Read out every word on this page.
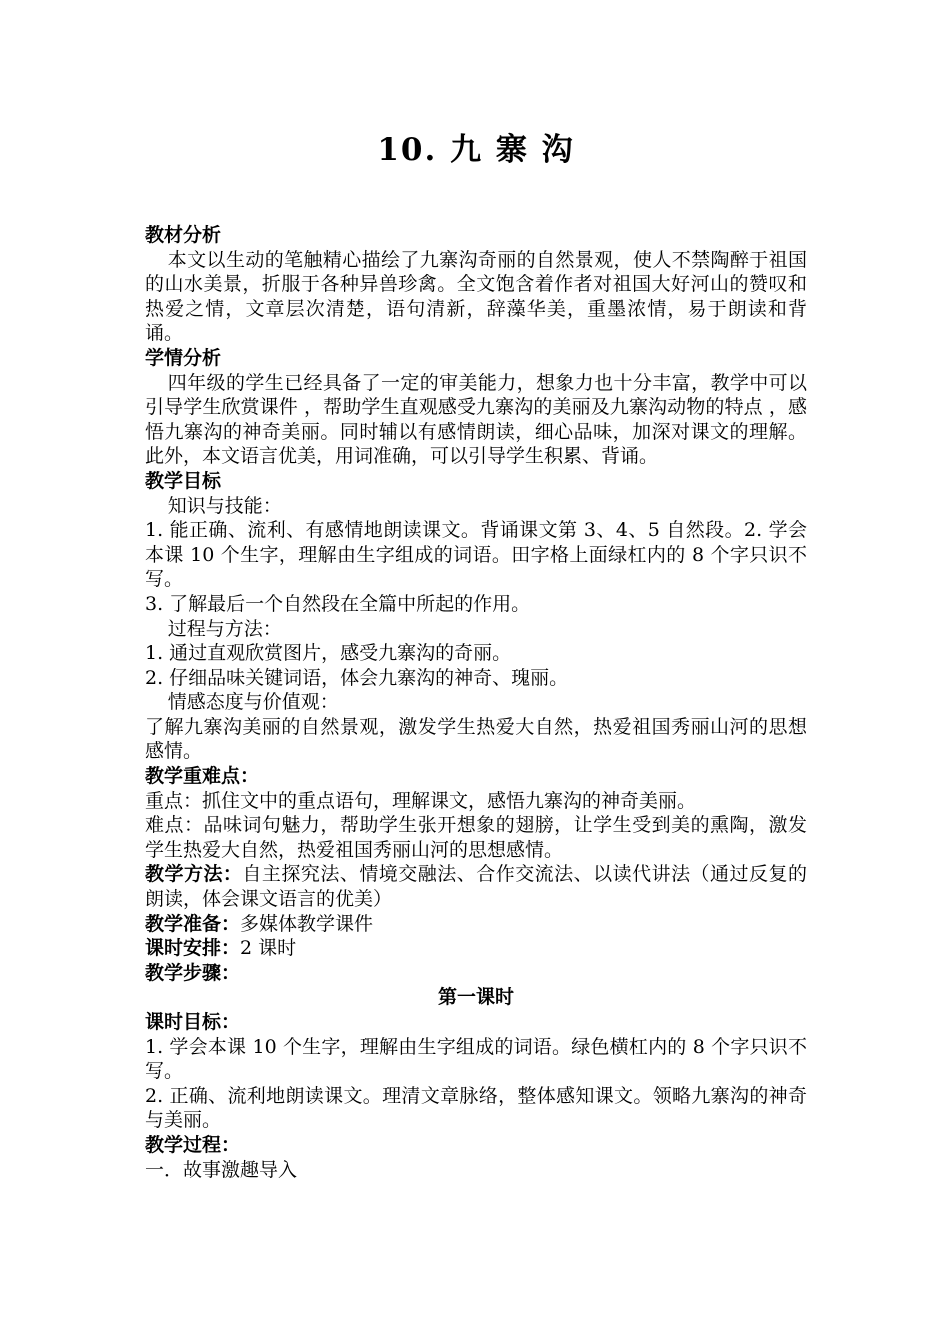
10. 九 寨 沟

教材分析

本文以生动的笔触精心描绘了九寨沟奇丽的自然景观，使人不禁陶醉于祖国的山水美景，折服于各种异兽珍禽。全文饱含着作者对祖国大好河山的赞叹和热爱之情，文章层次清楚，语句清新，辞藻华美，重墨浓情，易于朗读和背诵。

学情分析

四年级的学生已经具备了一定的审美能力，想象力也十分丰富，教学中可以引导学生欣赏课件 ，帮助学生直观感受九寨沟的美丽及九寨沟动物的特点 ，感悟九寨沟的神奇美丽。同时辅以有感情朗读，细心品味，加深对课文的理解。此外，本文语言优美，用词准确，可以引导学生积累、背诵。

教学目标

知识与技能：

1. 能正确、流利、有感情地朗读课文。背诵课文第 3、4、5 自然段。2. 学会本课 10 个生字，理解由生字组成的词语。田字格上面绿杠内的 8 个字只识不写。

3. 了解最后一个自然段在全篇中所起的作用。

过程与方法：

1. 通过直观欣赏图片，感受九寨沟的奇丽。

2. 仔细品味关键词语，体会九寨沟的神奇、瑰丽。

情感态度与价值观：

了解九寨沟美丽的自然景观，激发学生热爱大自然，热爱祖国秀丽山河的思想感情。

教学重难点：

重点：抓住文中的重点语句，理解课文，感悟九寨沟的神奇美丽。

难点：品味词句魅力，帮助学生张开想象的翅膀，让学生受到美的熏陶，激发学生热爱大自然，热爱祖国秀丽山河的思想感情。

教学方法：自主探究法、情境交融法、合作交流法、以读代讲法（通过反复的朗读，体会课文语言的优美）

教学准备：多媒体教学课件

课时安排：2 课时

教学步骤：

第一课时

课时目标：

1. 学会本课 10 个生字，理解由生字组成的词语。绿色横杠内的 8 个字只识不写。

2. 正确、流利地朗读课文。理清文章脉络，整体感知课文。领略九寨沟的神奇与美丽。

教学过程：

一．故事激趣导入
